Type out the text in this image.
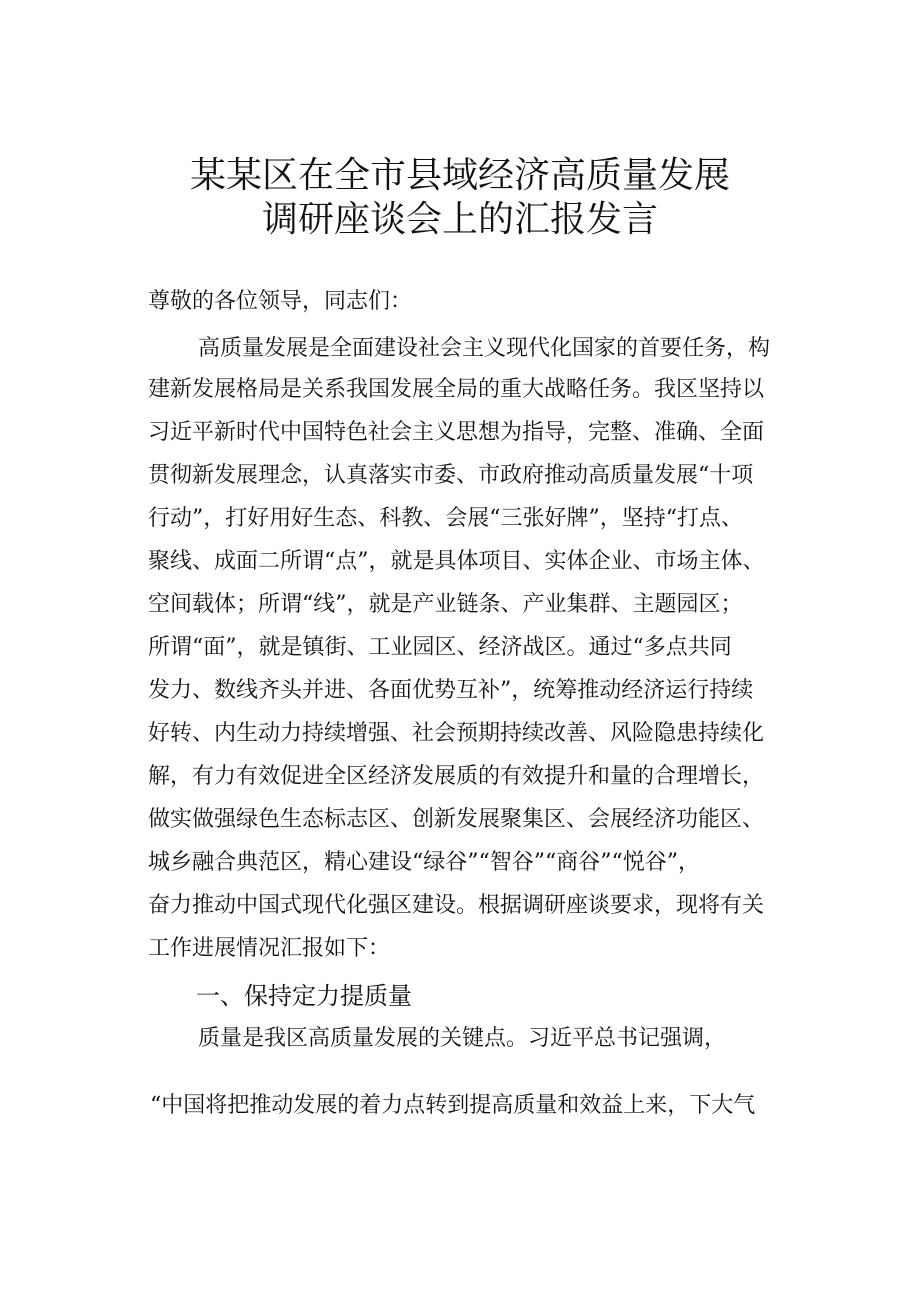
某某区在全市县域经济高质量发展
调研座谈会上的汇报发言
尊敬的各位领导，同志们：
高质量发展是全面建设社会主义现代化国家的首要任务，构
建新发展格局是关系我国发展全局的重大战略任务。我区坚持以
习近平新时代中国特色社会主义思想为指导，完整、准确、全面
贯彻新发展理念，认真落实市委、市政府推动高质量发展“十项
行动”，打好用好生态、科教、会展“三张好牌”，坚持“打点、
聚线、成面二所谓“点”，就是具体项目、实体企业、市场主体、
空间载体；所谓“线”，就是产业链条、产业集群、主题园区；
所谓“面”，就是镇街、工业园区、经济战区。通过“多点共同
发力、数线齐头并进、各面优势互补”，统筹推动经济运行持续
好转、内生动力持续增强、社会预期持续改善、风险隐患持续化
解，有力有效促进全区经济发展质的有效提升和量的合理增长，
做实做强绿色生态标志区、创新发展聚集区、会展经济功能区、
城乡融合典范区，精心建设“绿谷”“智谷”“商谷”“悦谷”，
奋力推动中国式现代化强区建设。根据调研座谈要求，现将有关
工作进展情况汇报如下：
一、保持定力提质量
质量是我区高质量发展的关键点。习近平总书记强调，
“中国将把推动发展的着力点转到提高质量和效益上来，下大气
